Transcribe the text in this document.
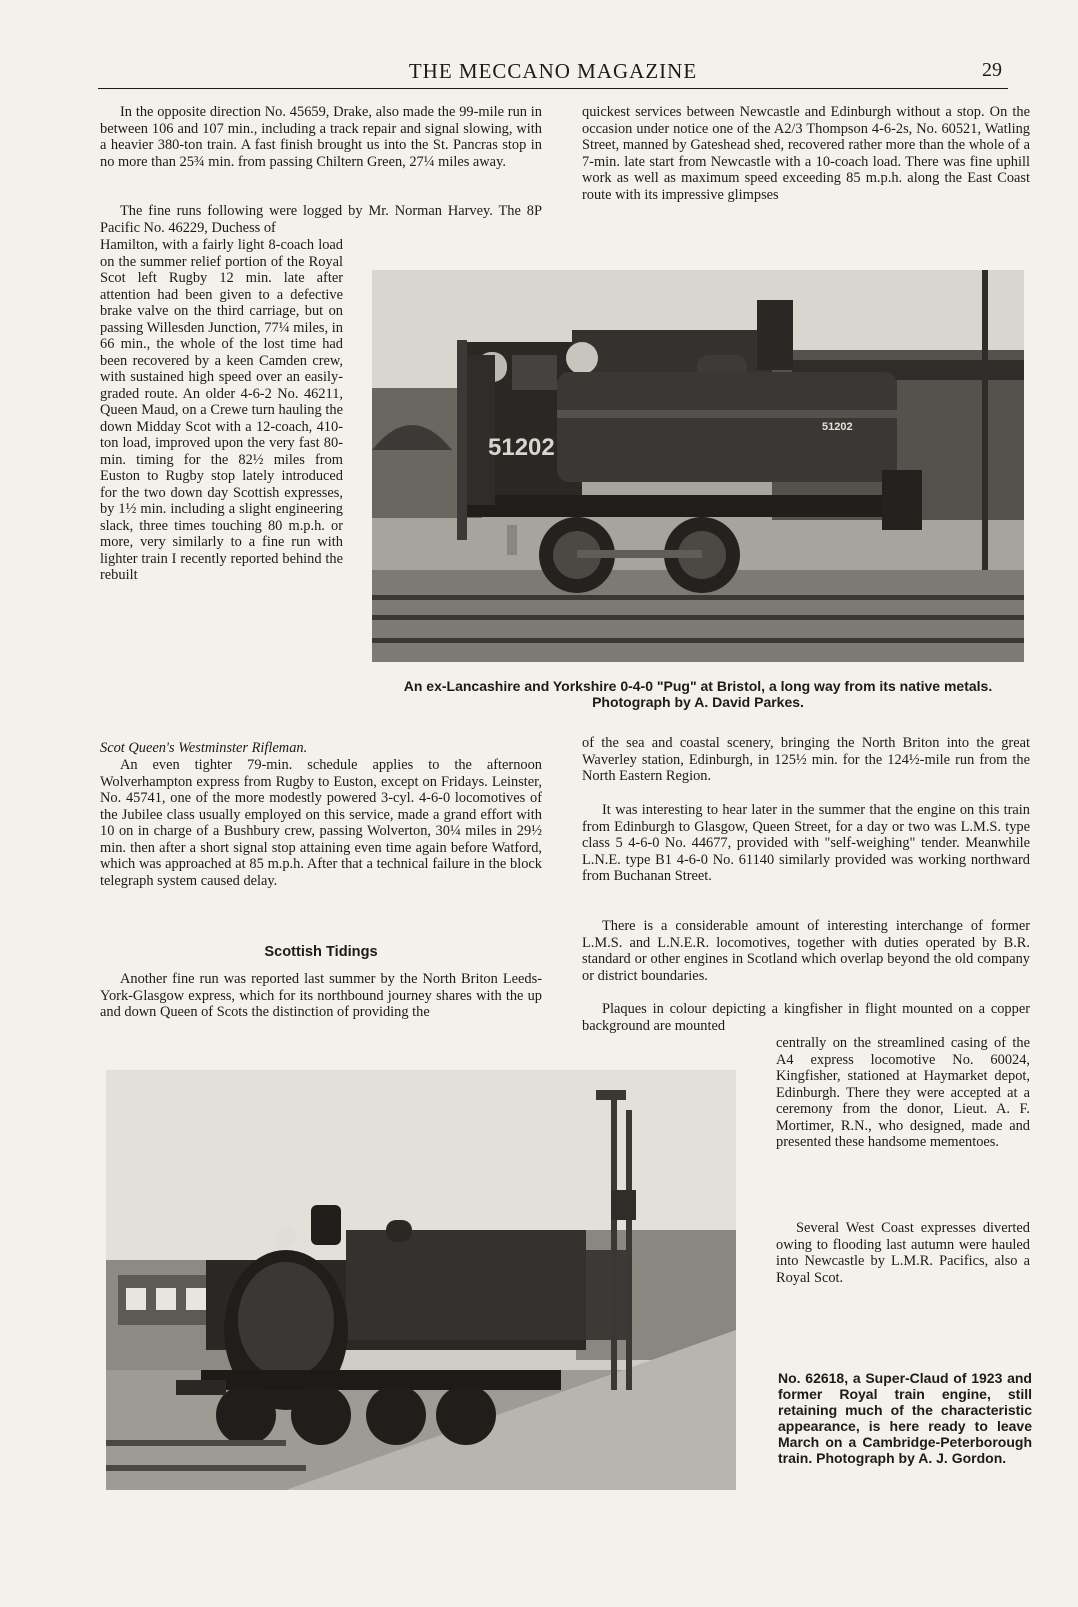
THE MECCANO MAGAZINE	29

In the opposite direction No. 45659, Drake, also made the 99-mile run in between 106 and 107 min., including a track repair and signal slowing, with a heavier 380-ton train. A fast finish brought us into the St. Pancras stop in no more than 25¾ min. from passing Chiltern Green, 27¼ miles away.

The fine runs following were logged by Mr. Norman Harvey. The 8P Pacific No. 46229, Duchess of

Hamilton, with a fairly light 8-coach load on the summer relief portion of the Royal Scot left Rugby 12 min. late after attention had been given to a defective brake valve on the third carriage, but on passing Willesden Junction, 77¼ miles, in 66 min., the whole of the lost time had been recovered by a keen Camden crew, with sustained high speed over an easily-graded route. An older 4-6-2 No. 46211, Queen Maud, on a Crewe turn hauling the down Midday Scot with a 12-coach, 410-ton load, improved upon the very fast 80-min. timing for the 82½ miles from Euston to Rugby stop lately introduced for the two down day Scottish expresses, by 1½ min. including a slight engineering slack, three times touching 80 m.p.h. or more, very similarly to a fine run with lighter train I recently reported behind the rebuilt

Scot Queen's Westminster Rifleman.

An even tighter 79-min. schedule applies to the afternoon Wolverhampton express from Rugby to Euston, except on Fridays. Leinster, No. 45741, one of the more modestly powered 3-cyl. 4-6-0 locomotives of the Jubilee class usually employed on this service, made a grand effort with 10 on in charge of a Bushbury crew, passing Wolverton, 30¼ miles in 29½ min. then after a short signal stop attaining even time again before Watford, which was approached at 85 m.p.h. After that a technical failure in the block telegraph system caused delay.

Scottish Tidings

Another fine run was reported last summer by the North Briton Leeds-York-Glasgow express, which for its northbound journey shares with the up and down Queen of Scots the distinction of providing the

quickest services between Newcastle and Edinburgh without a stop. On the occasion under notice one of the A2/3 Thompson 4-6-2s, No. 60521, Watling Street, manned by Gateshead shed, recovered rather more than the whole of a 7-min. late start from Newcastle with a 10-coach load. There was fine uphill work as well as maximum speed exceeding 85 m.p.h. along the East Coast route with its impressive glimpses

of the sea and coastal scenery, bringing the North Briton into the great Waverley station, Edinburgh, in 125½ min. for the 124½-mile run from the North Eastern Region.

It was interesting to hear later in the summer that the engine on this train from Edinburgh to Glasgow, Queen Street, for a day or two was L.M.S. type class 5 4-6-0 No. 44677, provided with "self-weighing" tender. Meanwhile L.N.E. type B1 4-6-0 No. 61140 similarly provided was working northward from Buchanan Street.

There is a considerable amount of interesting interchange of former L.M.S. and L.N.E.R. locomotives, together with duties operated by B.R. standard or other engines in Scotland which overlap beyond the old company or district boundaries.

Plaques in colour depicting a kingfisher in flight mounted on a copper background are mounted

centrally on the streamlined casing of the A4 express locomotive No. 60024, Kingfisher, stationed at Haymarket depot, Edinburgh. There they were accepted at a ceremony from the donor, Lieut. A. F. Mortimer, R.N., who designed, made and presented these handsome mementoes.

Several West Coast expresses diverted owing to flooding last autumn were hauled into Newcastle by L.M.R. Pacifics, also a Royal Scot.

51202
51202

An ex-Lancashire and Yorkshire 0-4-0 "Pug" at Bristol, a long way from its native metals. Photograph by A. David Parkes.

No. 62618, a Super-Claud of 1923 and former Royal train engine, still retaining much of the characteristic appearance, is here ready to leave March on a Cambridge-Peterborough train. Photograph by A. J. Gordon.
